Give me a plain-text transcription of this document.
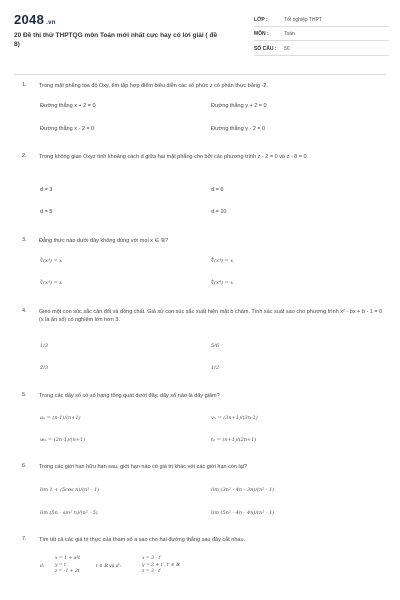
2048 .vn
20 Đề thi thử THPTQG môn Toán mới nhất cực hay có lời giải ( đề 8)
LỚP :	Tốt nghiệp THPT
MÔN :	Toán
SỐ CÂU : 50
1. Trong mặt phẳng tọa độ Oxy, tìm tập hợp điểm biểu diễn các số phức z có phần thực bằng -2.
Đường thẳng x + 2 = 0	Đường thẳng y + 2 = 0
Đường thẳng x - 2 = 0	Đường thẳng y - 2 = 0
2. Trong không gian Oxyz tính khoảng cách d giữa hai mặt phẳng cho bởi các phương trình z - 2 = 0 và z - 8 = 0.
d = 3	d = 6
d = 5	d = 10
3. Đẳng thức nào dưới đây không đúng với mọi x ∈ ℝ?
∛(x³) = x	∜(x⁴) = x
∛(x³) = x	∜(x⁴) = x
4. Gieo một con súc sắc cân đối và đồng chất. Giả sử con súc sắc xuất hiện mặt b chấm. Tính xác suất sao cho phương trình x² - bx + b - 1 = 0 (x là ẩn số) có nghiệm lớn hơn 3.
1/3	5/6
2/3	1/2
5. Trong các dãy số có số hạng tổng quát dưới đây, dãy số nào là dãy giảm?
aₙ = (n-1)/(n+1)	vₙ = (3n+1)/(3n-1)
wₙ = (2n-1)/(n+1)	tₙ = (n+1)/(2n+1)
6. Trong các giới hạn hữu hạn sau, giới hạn nào có giá trị khác với các giới hạn còn lại?
lim 1 + (5cos n)/(n² - 1)	lim (3n² - 4n - 3n)/(n² - 1)
lim (5n - sin² n)/(n² - 5)	lim (5n² - 4n - 4n)/(n² - 1)
7. Tìm tất cả các giá trị thực của tham số a sao cho hai đường thẳng sau đây cắt nhau.
d:
x = 1 + a²t
y = t
z = -1 + 2t
t ∈ ℝ và d':
x = 3 - t'
y = 2 + t', t' ∈ ℝ
z = 3 - t'
